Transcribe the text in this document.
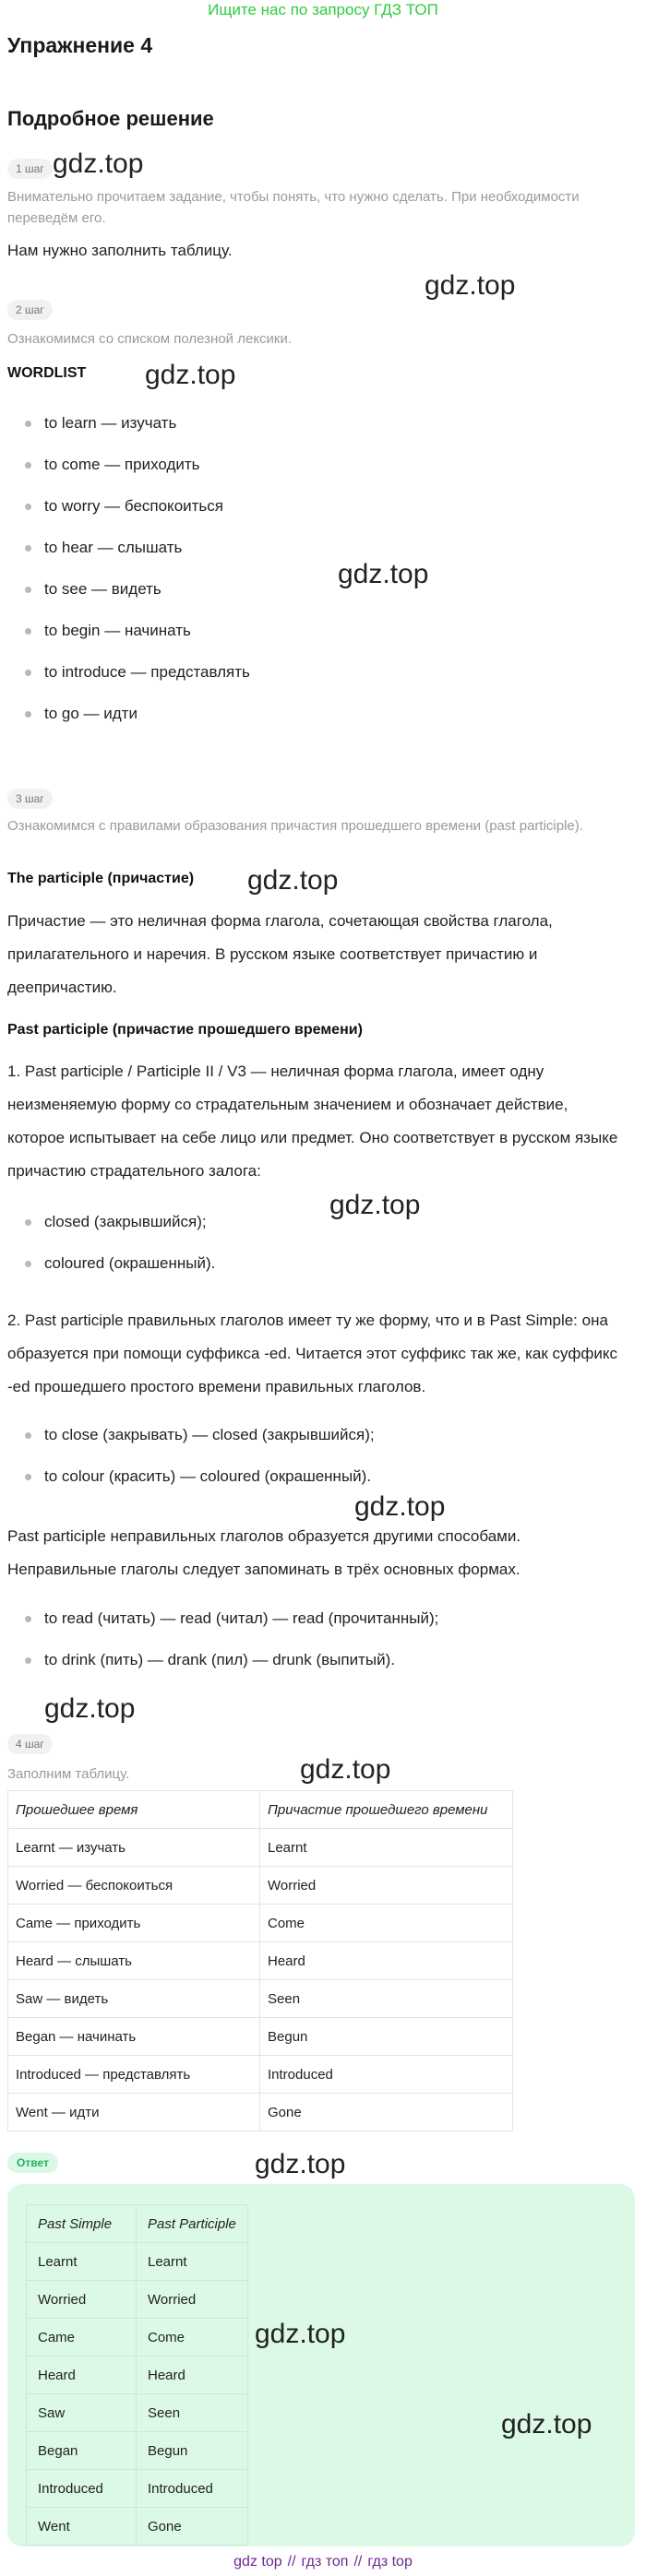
Ищите нас по запросу ГДЗ ТОП
Упражнение 4
Подробное решение
1 шаг gdz.top
Внимательно прочитаем задание, чтобы понять, что нужно сделать. При необходимости переведём его.
Нам нужно заполнить таблицу.
gdz.top
2 шаг
Ознакомимся со списком полезной лексики.
WORDLIST gdz.top
to learn — изучать
to come — приходить
to worry — беспокоиться
to hear — слышать
to see — видеть
to begin — начинать
to introduce — представлять
to go — идти
gdz.top
3 шаг
Ознакомимся с правилами образования причастия прошедшего времени (past participle).
The participle (причастие) gdz.top
Причастие — это неличная форма глагола, сочетающая свойства глагола, прилагательного и наречия. В русском языке соответствует причастию и деепричастию.
Past participle (причастие прошедшего времени)
1. Past participle / Participle II / V3 — неличная форма глагола, имеет одну неизменяемую форму со страдательным значением и обозначает действие, которое испытывает на себе лицо или предмет. Оно соответствует в русском языке причастию страдательного залога:
closed (закрывшийся);
coloured (окрашенный).
gdz.top
2. Past participle правильных глаголов имеет ту же форму, что и в Past Simple: она образуется при помощи суффикса -ed. Читается этот суффикс так же, как суффикс -ed прошедшего простого времени правильных глаголов.
to close (закрывать) — closed (закрывшийся);
to colour (красить) — coloured (окрашенный).
gdz.top
Past participle неправильных глаголов образуется другими способами. Неправильные глаголы следует запоминать в трёх основных формах.
to read (читать) — read (читал) — read (прочитанный);
to drink (пить) — drank (пил) — drunk (выпитый).
gdz.top
4 шаг
Заполним таблицу.	gdz.top
Прошедшее время	Причастие прошедшего времени
Learnt — изучать	Learnt
Worried — беспокоиться	Worried
Came — приходить	Come
Heard — слышать	Heard
Saw — видеть	Seen
Began — начинать	Begun
Introduced — представлять	Introduced
Went — идти	Gone
Ответ	gdz.top
Past Simple	Past Participle
Learnt	Learnt
Worried	Worried
Came	Come
Heard	Heard
Saw	Seen
Began	Begun
Introduced	Introduced
Went	Gone
gdz.top
gdz.top
gdz top // гдз топ // гдз top
